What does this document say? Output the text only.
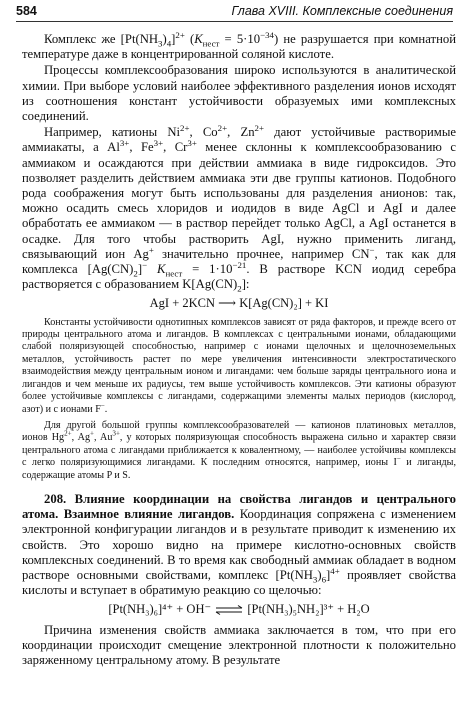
584	Глава XVIII. Комплексные соединения

Комплекс же $[Pt(NH_3)_4]^{2+}$ $(K_{нест} = 5\cdot 10^{-34})$ не разрушается при комнатной температуре даже в концентрированной соляной кислоте.

Процессы комплексообразования широко используются в аналитической химии. При выборе условий наиболее эффективного разделения ионов исходят из соотношения констант устойчивости образуемых ими комплексных соединений.

Например, катионы $Ni^{2+}$, $Co^{2+}$, $Zn^{2+}$ дают устойчивые растворимые аммиакаты, а $Al^{3+}$, $Fe^{3+}$, $Cr^{3+}$ менее склонны к комплексообразованию с аммиаком и осаждаются при действии аммиака в виде гидроксидов. Это позволяет разделить действием аммиака эти две группы катионов. Подобного рода соображения могут быть использованы для разделения анионов: так, можно осадить смесь хлоридов и иодидов в виде AgCl и AgI и далее обработать ее аммиаком — в раствор перейдет только AgCl, а AgI останется в осадке. Для того чтобы растворить AgI, нужно применить лиганд, связывающий ион Ag+ значительно прочнее, например CN−, так как для комплекса $[Ag(CN)_2]^-$ $K_{нест} = 1\cdot 10^{-21}$. В растворе KCN иодид серебра растворяется с образованием $K[Ag(CN)_2]$:

AgI + 2KCN ⟶ K[Ag(CN)₂] + KI

Константы устойчивости однотипных комплексов зависят от ряда факторов, и прежде всего от природы центрального атома и лигандов. В комплексах с центральными ионами, обладающими слабой поляризующей способностью, например с ионами щелочных и щелочноземельных металлов, устойчивость растет по мере увеличения интенсивности электростатического взаимодействия между центральным ионом и лигандами: чем больше заряды центрального иона и лигандов и чем меньше их радиусы, тем выше устойчивость комплексов. Эти катионы образуют более устойчивые комплексы с лигандами, содержащими элементы малых периодов (кислород, азот) и с ионами F−.

Для другой большой группы комплексообразователей — катионов платиновых металлов, ионов $Hg^{2+}$, Ag+, $Au^{3+}$, у которых поляризующая способность выражена сильно и характер связи центрального атома с лигандами приближается к ковалентному, — наиболее устойчивы комплексы с легко поляризующимися лигандами. К последним относятся, например, ионы I− и лиганды, содержащие атомы P и S.

208. Влияние координации на свойства лигандов и центрального атома. Взаимное влияние лигандов. Координация сопряжена с изменением электронной конфигурации лигандов и в результате приводит к изменению их свойств. Это хорошо видно на примере кислотно-основных свойств комплексных соединений. В то время как свободный аммиак обладает в водном растворе основными свойствами, комплекс $[Pt(NH_3)_6]^{4+}$ проявляет свойства кислоты и вступает в обратимую реакцию со щелочью:

[Pt(NH₃)₆]⁴⁺ + OH⁻ ⇌ [Pt(NH₃)₅NH₂]³⁺ + H₂O

Причина изменения свойств аммиака заключается в том, что при его координации происходит смещение электронной плотности к положительно заряженному центральному атому. В результате
